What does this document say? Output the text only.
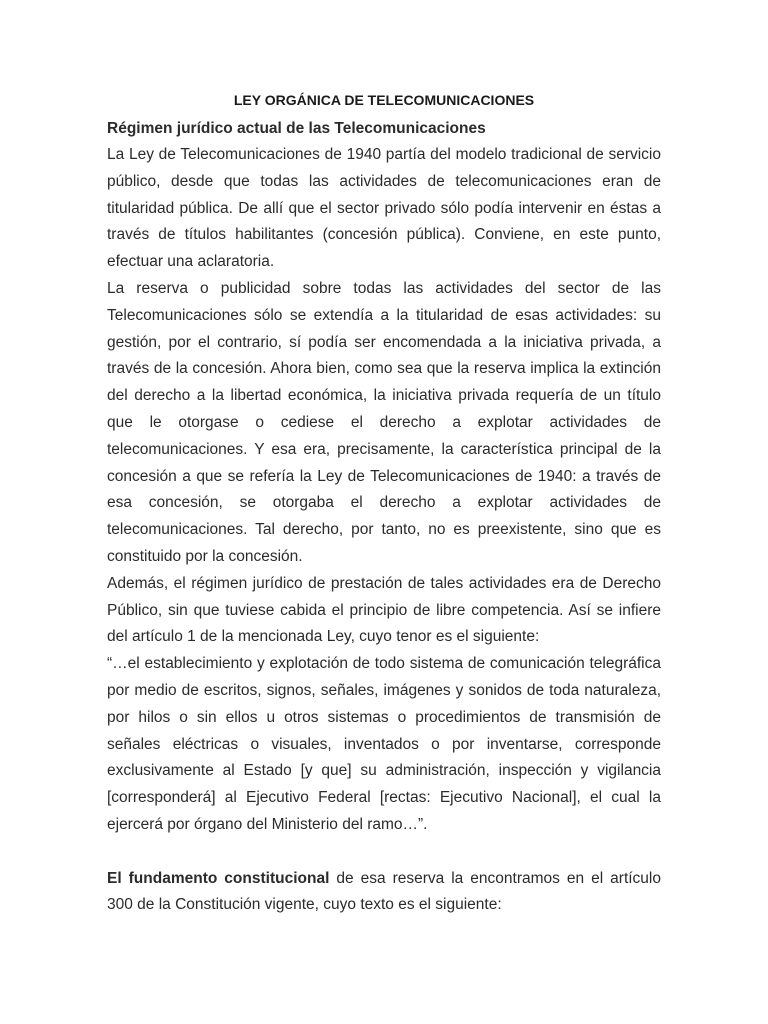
LEY ORGÁNICA DE TELECOMUNICACIONES
Régimen jurídico actual de las Telecomunicaciones

La Ley de Telecomunicaciones de 1940 partía del modelo tradicional de servicio público, desde que todas las actividades de telecomunicaciones eran de titularidad pública. De allí que el sector privado sólo podía intervenir en éstas a través de títulos habilitantes (concesión pública). Conviene, en este punto, efectuar una aclaratoria.

La reserva o publicidad sobre todas las actividades del sector de las Telecomunicaciones sólo se extendía a la titularidad de esas actividades: su gestión, por el contrario, sí podía ser encomendada a la iniciativa privada, a través de la concesión. Ahora bien, como sea que la reserva implica la extinción del derecho a la libertad económica, la iniciativa privada requería de un título que le otorgase o cediese el derecho a explotar actividades de telecomunicaciones. Y esa era, precisamente, la característica principal de la concesión a que se refería la Ley de Telecomunicaciones de 1940: a través de esa concesión, se otorgaba el derecho a explotar actividades de telecomunicaciones. Tal derecho, por tanto, no es preexistente, sino que es constituido por la concesión.

Además, el régimen jurídico de prestación de tales actividades era de Derecho Público, sin que tuviese cabida el principio de libre competencia. Así se infiere del artículo 1 de la mencionada Ley, cuyo tenor es el siguiente:

“…el establecimiento y explotación de todo sistema de comunicación telegráfica por medio de escritos, signos, señales, imágenes y sonidos de toda naturaleza, por hilos o sin ellos u otros sistemas o procedimientos de transmisión de señales eléctricas o visuales, inventados o por inventarse, corresponde exclusivamente al Estado [y que] su administración, inspección y vigilancia [corresponderá] al Ejecutivo Federal [rectas: Ejecutivo Nacional], el cual la ejercerá por órgano del Ministerio del ramo…”.

El fundamento constitucional de esa reserva la encontramos en el artículo 300 de la Constitución vigente, cuyo texto es el siguiente:
